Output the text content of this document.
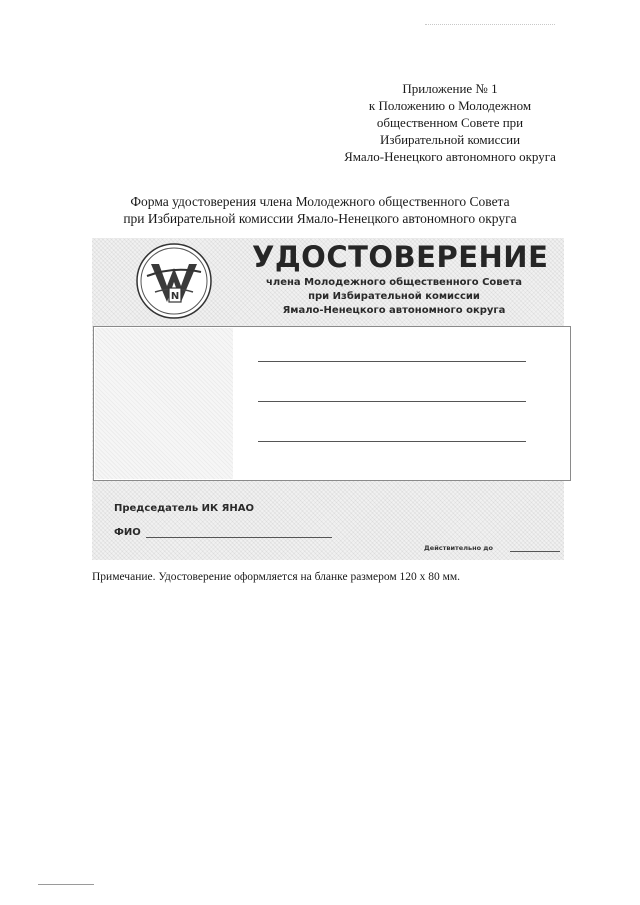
Приложение № 1
к Положению о Молодежном
общественном Совете при
Избирательной комиссии
Ямало-Ненецкого автономного округа
Форма удостоверения члена Молодежного общественного Совета
при Избирательной комиссии Ямало-Ненецкого автономного округа
N
УДОСТОВЕРЕНИЕ
члена Молодежного общественного Совета
при Избирательной комиссии
Ямало-Ненецкого автономного округа
Председатель ИК ЯНАО
ФИО
Действительно до
Примечание. Удостоверение оформляется на бланке размером 120 х 80 мм.
